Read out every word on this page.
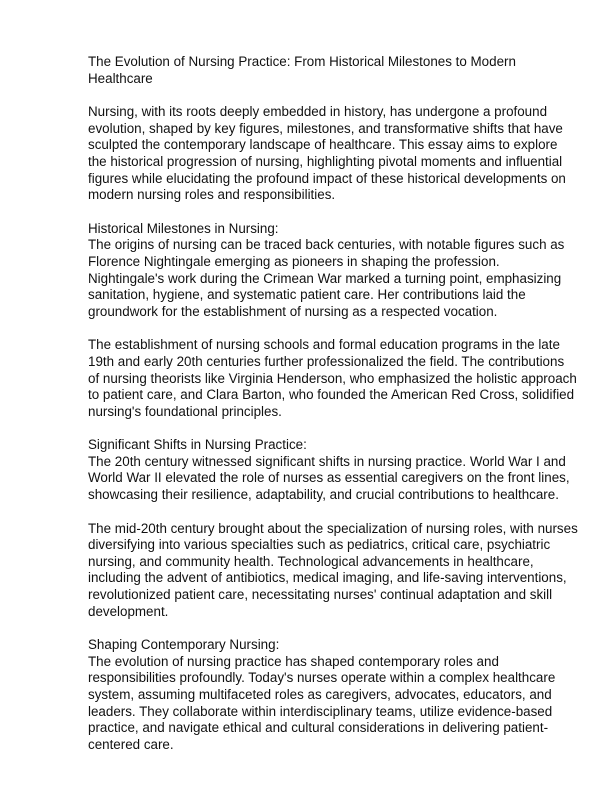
The Evolution of Nursing Practice: From Historical Milestones to Modern Healthcare

Nursing, with its roots deeply embedded in history, has undergone a profound evolution, shaped by key figures, milestones, and transformative shifts that have sculpted the contemporary landscape of healthcare. This essay aims to explore the historical progression of nursing, highlighting pivotal moments and influential figures while elucidating the profound impact of these historical developments on modern nursing roles and responsibilities.

Historical Milestones in Nursing:

The origins of nursing can be traced back centuries, with notable figures such as Florence Nightingale emerging as pioneers in shaping the profession. Nightingale's work during the Crimean War marked a turning point, emphasizing sanitation, hygiene, and systematic patient care. Her contributions laid the groundwork for the establishment of nursing as a respected vocation.

The establishment of nursing schools and formal education programs in the late 19th and early 20th centuries further professionalized the field. The contributions of nursing theorists like Virginia Henderson, who emphasized the holistic approach to patient care, and Clara Barton, who founded the American Red Cross, solidified nursing's foundational principles.

Significant Shifts in Nursing Practice:

The 20th century witnessed significant shifts in nursing practice. World War I and World War II elevated the role of nurses as essential caregivers on the front lines, showcasing their resilience, adaptability, and crucial contributions to healthcare.

The mid-20th century brought about the specialization of nursing roles, with nurses diversifying into various specialties such as pediatrics, critical care, psychiatric nursing, and community health. Technological advancements in healthcare, including the advent of antibiotics, medical imaging, and life-saving interventions, revolutionized patient care, necessitating nurses' continual adaptation and skill development.

Shaping Contemporary Nursing:

The evolution of nursing practice has shaped contemporary roles and responsibilities profoundly. Today's nurses operate within a complex healthcare system, assuming multifaceted roles as caregivers, advocates, educators, and leaders. They collaborate within interdisciplinary teams, utilize evidence-based practice, and navigate ethical and cultural considerations in delivering patient-centered care.
